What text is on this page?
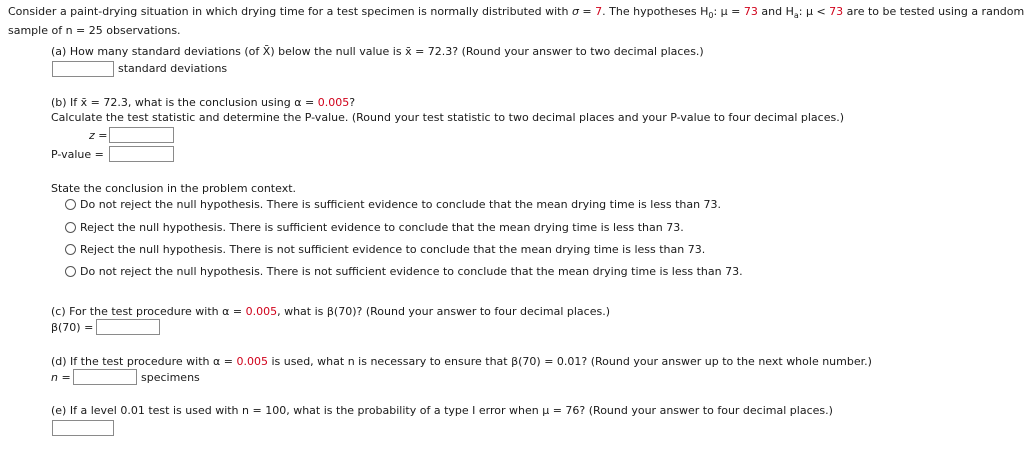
Consider a paint-drying situation in which drying time for a test specimen is normally distributed with σ = 7. The hypotheses $H_0$: μ = 73 and $H_a$: μ < 73 are to be tested using a random
sample of n = 25 observations.
(a) How many standard deviations (of X̄) below the null value is x̄ = 72.3? (Round your answer to two decimal places.)
standard deviations
(b) If x̄ = 72.3, what is the conclusion using α = 0.005?
Calculate the test statistic and determine the P-value. (Round your test statistic to two decimal places and your P-value to four decimal places.)
z =
P-value =
State the conclusion in the problem context.
Do not reject the null hypothesis. There is sufficient evidence to conclude that the mean drying time is less than 73.
Reject the null hypothesis. There is sufficient evidence to conclude that the mean drying time is less than 73.
Reject the null hypothesis. There is not sufficient evidence to conclude that the mean drying time is less than 73.
Do not reject the null hypothesis. There is not sufficient evidence to conclude that the mean drying time is less than 73.
(c) For the test procedure with α = 0.005, what is β(70)? (Round your answer to four decimal places.)
β(70) =
(d) If the test procedure with α = 0.005 is used, what n is necessary to ensure that β(70) = 0.01? (Round your answer up to the next whole number.)
n =	specimens
(e) If a level 0.01 test is used with n = 100, what is the probability of a type I error when μ = 76? (Round your answer to four decimal places.)
